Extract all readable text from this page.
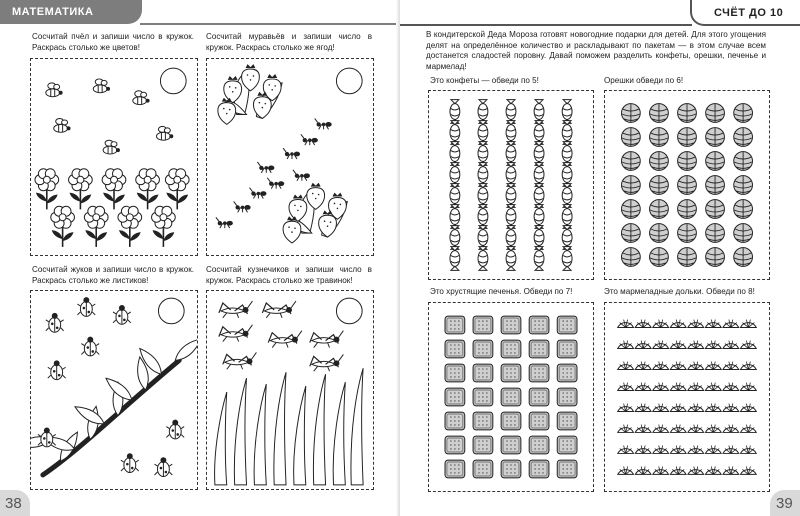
МАТЕМАТИКА
Сосчитай пчёл и запиши число в кружок. Раскрась столько же цветов!
Сосчитай муравьёв и запиши число в кружок. Раскрась столько же ягод!
Сосчитай жуков и запиши число в кружок. Раскрась столько же листиков!
Сосчитай кузнечиков и запиши число в кружок. Раскрась столько же травинок!
38
СЧЁТ ДО 10
В кондитерской Деда Мороза готовят новогодние подарки для детей. Для этого угощения делят на определённое количество и раскладывают по пакетам — в этом случае всем достанется сладостей поровну. Давай поможем разделить конфеты, орешки, печенье и мармелад!
Это конфеты — обведи по 5!	Орешки обведи по 6!
Это хрустящие печенья. Обведи по 7!	Это мармеладные дольки. Обведи по 8!
39
